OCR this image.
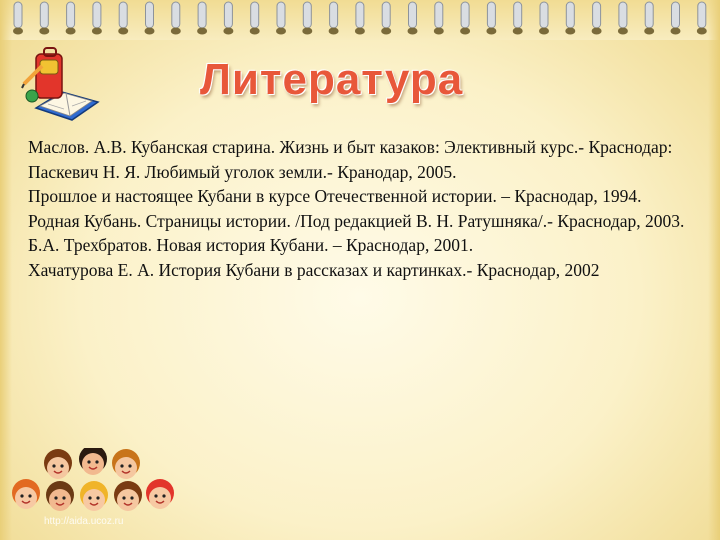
Литература

Маслов. А.В. Кубанская старина. Жизнь и быт казаков: Элективный курс.- Краснодар:

Паскевич Н. Я. Любимый уголок земли.- Кранодар, 2005.

Прошлое и настоящее Кубани в курсе Отечественной истории. – Краснодар, 1994.

Родная Кубань. Страницы истории. /Под редакцией В. Н. Ратушняка/.- Краснодар, 2003.

Б.А. Трехбратов. Новая история Кубани. – Краснодар, 2001.

Хачатурова Е. А. История Кубани в рассказах и картинках.- Краснодар, 2002

http://aida.ucoz.ru
